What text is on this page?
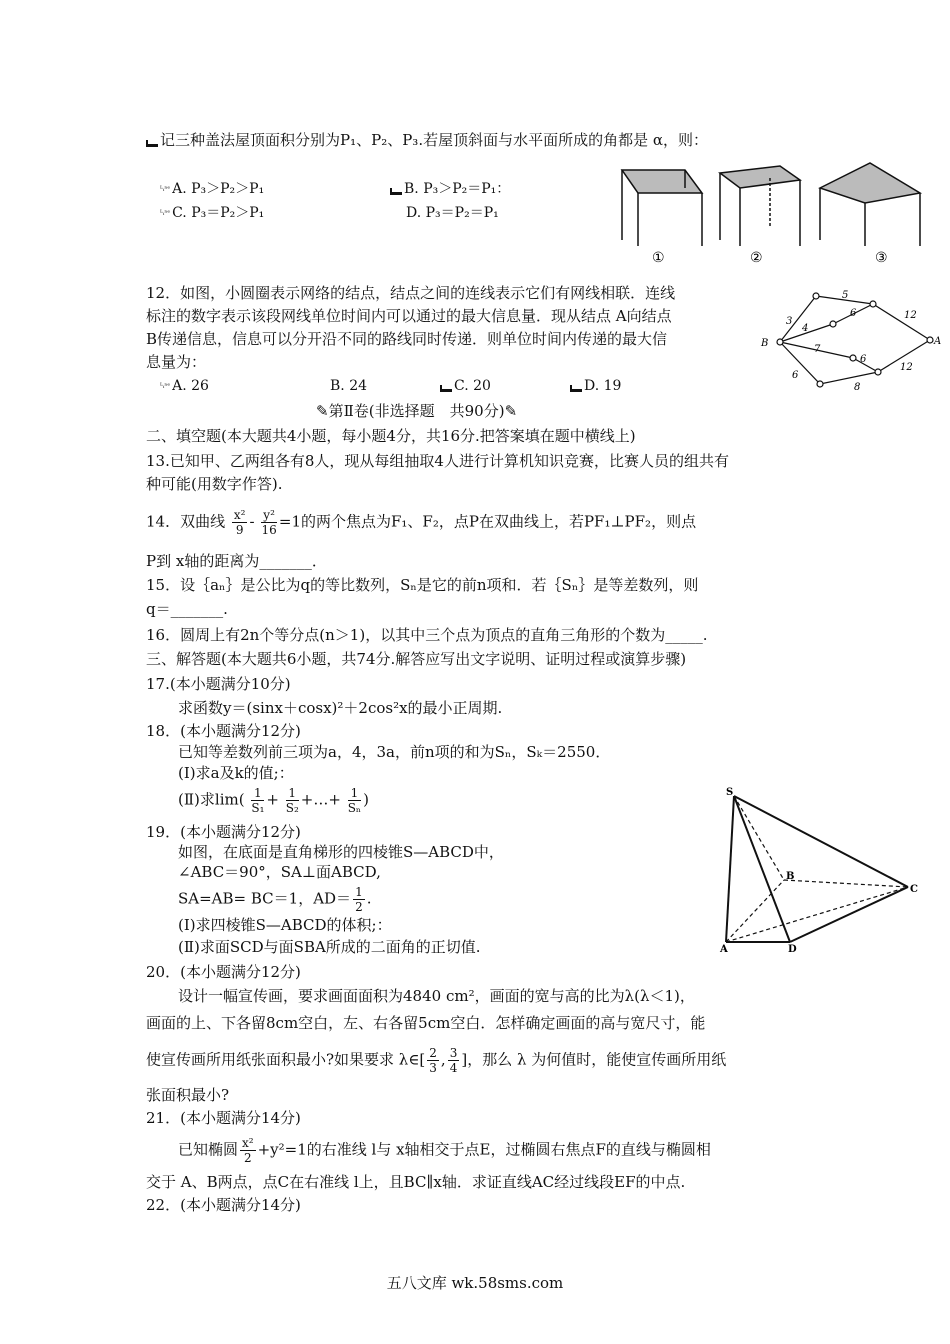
记三种盖法屋顶面积分别为P₁、P₂、P₃.若屋顶斜面与水平面所成的角都是 α，则：
ᴸᵢⁿᵉ A. P₃＞P₂＞P₁	B. P₃＞P₂＝P₁：
ᴸᵢⁿᵉ C. P₃＝P₂＞P₁	D. P₃＝P₂＝P₁
①	②	③
12．如图，小圆圈表示网络的结点，结点之间的连线表示它们有网线相联．连线
标注的数字表示该段网线单位时间内可以通过的最大信息量．现从结点 A向结点
B传递信息，信息可以分开沿不同的路线同时传递．则单位时间内传递的最大信
息量为：
ᴸᵢⁿᵉ A. 26	B. 24	C. 20	D. 19
B	A
3
5
4
6	12
7
6
12
6
8
✎第Ⅱ卷(非选择题　共90分)✎
二、填空题(本大题共4小题，每小题4分，共16分.把答案填在题中横线上)
13.已知甲、乙两组各有8人，现从每组抽取4人进行计算机知识竞赛，比赛人员的组共有
种可能(用数字作答).
14．双曲线 $\frac{\text{x²}}{9} - \frac{\text{y²}}{16} =1$的两个焦点为F₁、F₂，点P在双曲线上，若PF₁⊥PF₂，则点
P到 x轴的距离为_______．
15．设｛aₙ｝是公比为q的等比数列，Sₙ是它的前n项和．若｛Sₙ｝是等差数列，则
q＝_______.
16．圆周上有2n个等分点(n＞1)，以其中三个点为顶点的直角三角形的个数为_____.
三、解答题(本大题共6小题，共74分.解答应写出文字说明、证明过程或演算步骤)
17.(本小题满分10分)
求函数y＝(sinx＋cosx)²＋2cos²x的最小正周期.
18．(本小题满分12分)
已知等差数列前三项为a，4，3a，前n项的和为Sₙ，Sₖ＝2550．
(Ⅰ)求a及k的值;：
(Ⅱ)求$\lim( \frac{1}{\text{S₁}} + \frac{1}{\text{S₂}}$ +…+ $\frac{1}{\text{Sₙ}}$ )
19．(本小题满分12分)
如图，在底面是直角梯形的四棱锥S—ABCD中，
∠ABC＝90°，SA⊥面ABCD,
SA=AB= BC＝1，$AD= \frac{1}{2}$ .
(Ⅰ)求四棱锥S—ABCD的体积;：
(Ⅱ)求面SCD与面SBA所成的二面角的正切值.
S
B
C
A	D
20．(本小题满分12分)
设计一幅宣传画，要求画面面积为4840 cm²，画面的宽与高的比为λ(λ＜1)，
画面的上、下各留8cm空白，左、右各留5cm空白．怎样确定画面的高与宽尺寸，能
使宣传画所用纸张面积最小?如果要求 λ∈[ $\frac{2}{3}$ , $\frac{3}{4}$ ]，那么 λ 为何值时，能使宣传画所用纸
张面积最小?
21．(本小题满分14分)
已知椭圆 $\frac{\text{x²}}{2} +y^2=1$的右准线 l与 x轴相交于点E，过椭圆右焦点F的直线与椭圆相
交于 A、B两点，点C在右准线 l上，且BC∥x轴．求证直线AC经过线段EF的中点.
22．(本小题满分14分)
五八文库 wk.58sms.com
